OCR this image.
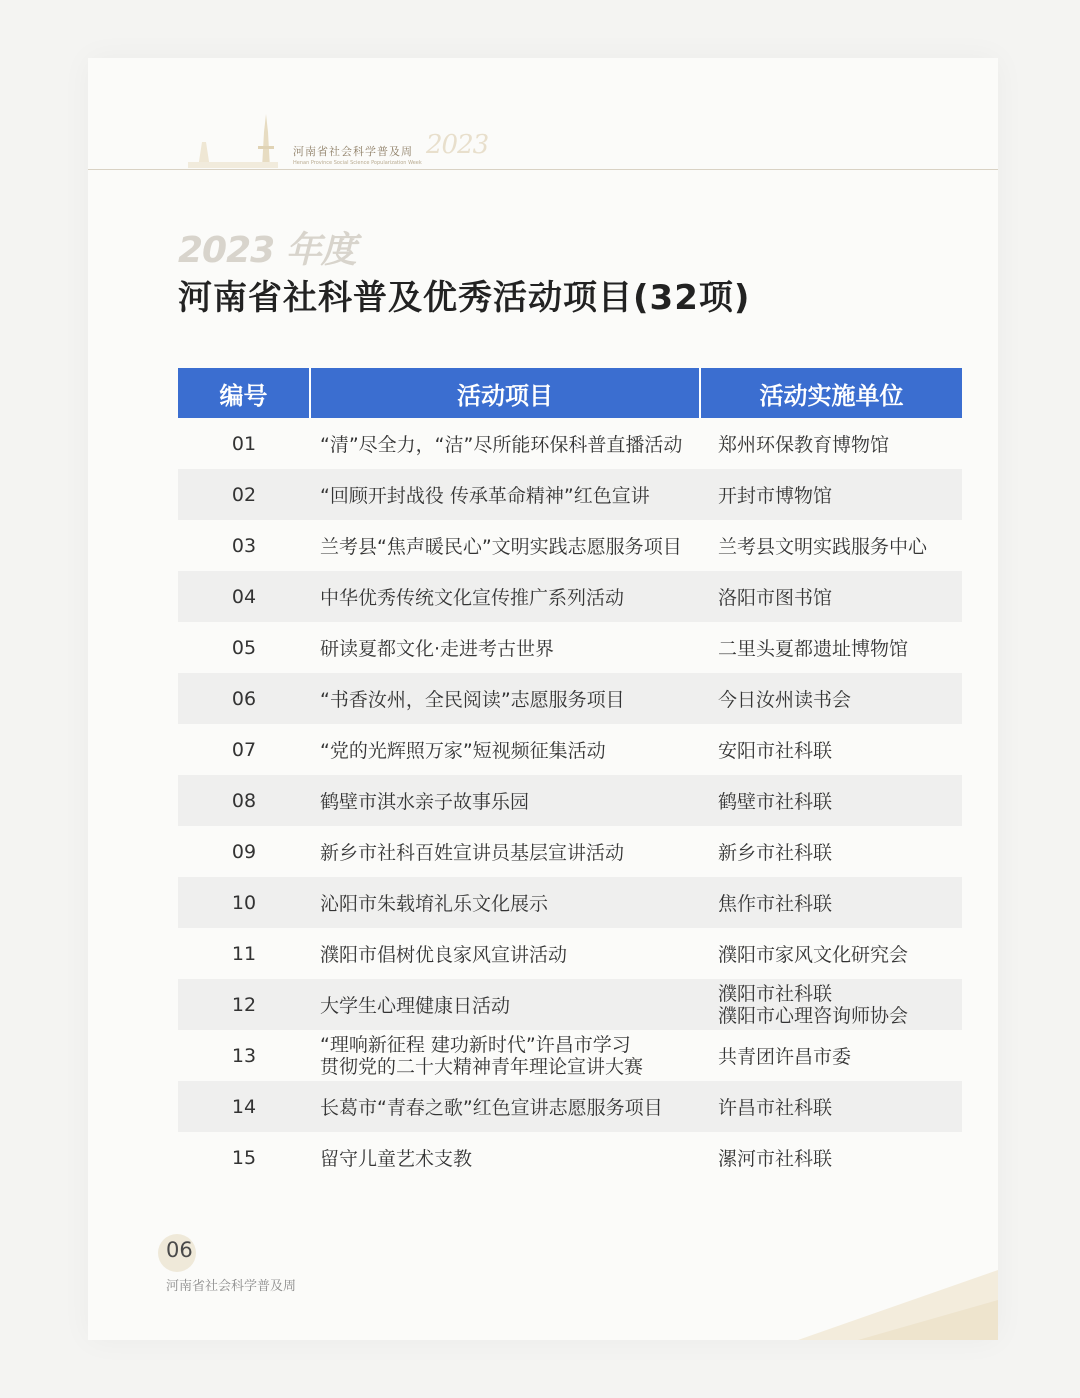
河南省社会科学普及周 2023
Henan Province Social Science Popularization Week
2023 年度
河南省社科普及优秀活动项目(32项)
编号	活动项目	活动实施单位
01	“清”尽全力，“洁”尽所能环保科普直播活动	郑州环保教育博物馆
02	“回顾开封战役 传承革命精神”红色宣讲	开封市博物馆
03	兰考县“焦声暖民心”文明实践志愿服务项目	兰考县文明实践服务中心
04	中华优秀传统文化宣传推广系列活动	洛阳市图书馆
05	研读夏都文化·走进考古世界	二里头夏都遗址博物馆
06	“书香汝州，全民阅读”志愿服务项目	今日汝州读书会
07	“党的光辉照万家”短视频征集活动	安阳市社科联
08	鹤壁市淇水亲子故事乐园	鹤壁市社科联
09	新乡市社科百姓宣讲员基层宣讲活动	新乡市社科联
10	沁阳市朱载堉礼乐文化展示	焦作市社科联
11	濮阳市倡树优良家风宣讲活动	濮阳市家风文化研究会
12	大学生心理健康日活动	濮阳市社科联
濮阳市心理咨询师协会

13	“理响新征程 建功新时代”许昌市学习
贯彻党的二十大精神青年理论宣讲大赛	共青团许昌市委
14	长葛市“青春之歌”红色宣讲志愿服务项目	许昌市社科联
15	留守儿童艺术支教	漯河市社科联
06
河南省社会科学普及周
